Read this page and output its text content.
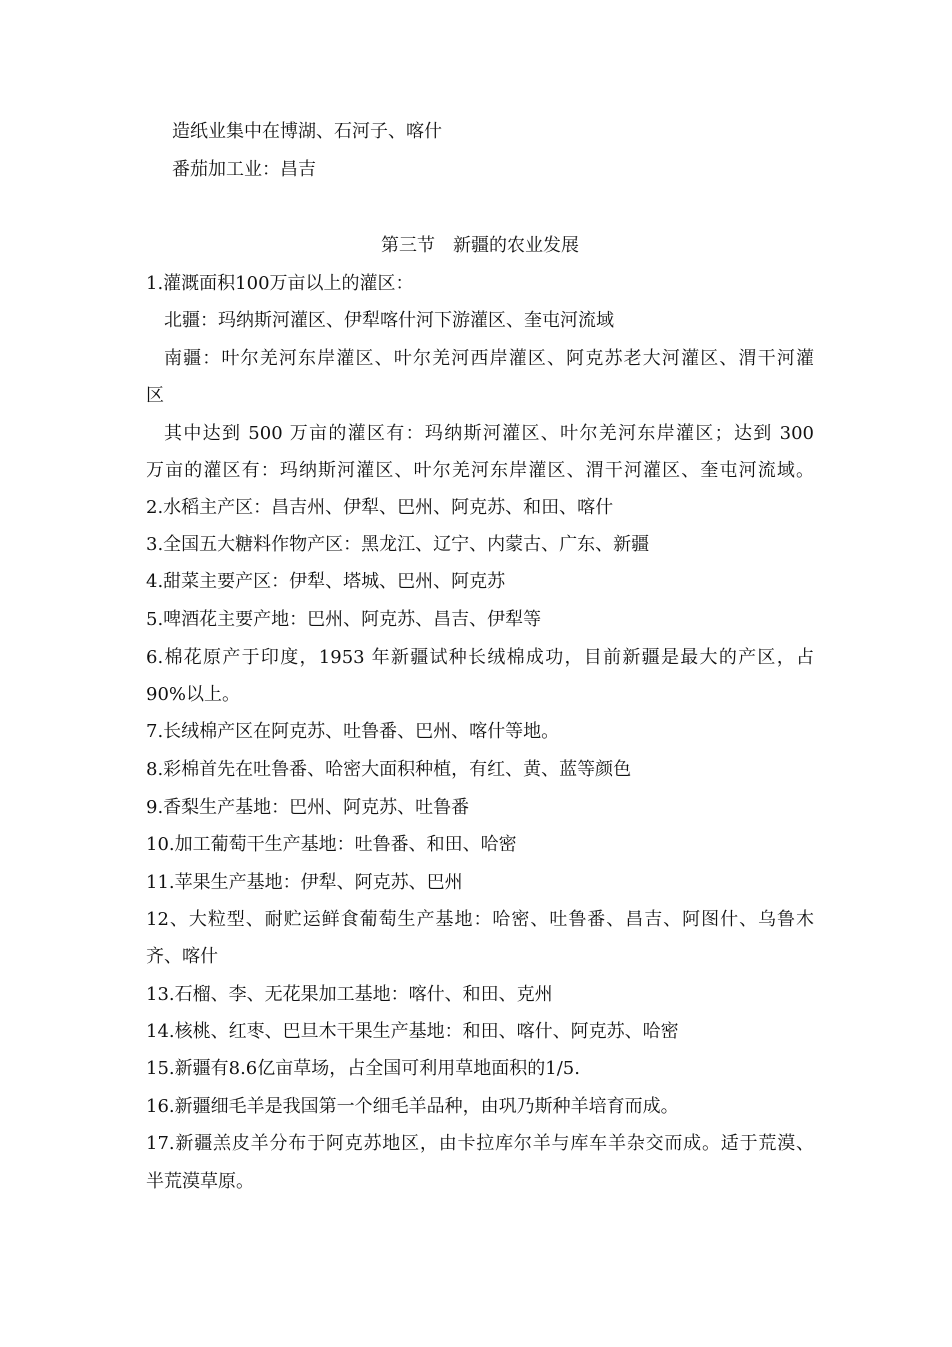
造纸业集中在博湖、石河子、喀什
番茄加工业：昌吉
第三节　新疆的农业发展
1.灌溉面积100万亩以上的灌区：
北疆：玛纳斯河灌区、伊犁喀什河下游灌区、奎屯河流域
南疆：叶尔羌河东岸灌区、叶尔羌河西岸灌区、阿克苏老大河灌区、渭干河灌
区
其中达到 500 万亩的灌区有：玛纳斯河灌区、叶尔羌河东岸灌区；达到 300
万亩的灌区有：玛纳斯河灌区、叶尔羌河东岸灌区、渭干河灌区、奎屯河流域。
2.水稻主产区：昌吉州、伊犁、巴州、阿克苏、和田、喀什
3.全国五大糖料作物产区：黑龙江、辽宁、内蒙古、广东、新疆
4.甜菜主要产区：伊犁、塔城、巴州、阿克苏
5.啤酒花主要产地：巴州、阿克苏、昌吉、伊犁等
6.棉花原产于印度，1953 年新疆试种长绒棉成功，目前新疆是最大的产区，占
90%以上。
7.长绒棉产区在阿克苏、吐鲁番、巴州、喀什等地。
8.彩棉首先在吐鲁番、哈密大面积种植，有红、黄、蓝等颜色
9.香梨生产基地：巴州、阿克苏、吐鲁番
10.加工葡萄干生产基地：吐鲁番、和田、哈密
11.苹果生产基地：伊犁、阿克苏、巴州
12、大粒型、耐贮运鲜食葡萄生产基地：哈密、吐鲁番、昌吉、阿图什、乌鲁木
齐、喀什
13.石榴、李、无花果加工基地：喀什、和田、克州
14.核桃、红枣、巴旦木干果生产基地：和田、喀什、阿克苏、哈密
15.新疆有8.6亿亩草场，占全国可利用草地面积的1/5.
16.新疆细毛羊是我国第一个细毛羊品种，由巩乃斯种羊培育而成。
17.新疆羔皮羊分布于阿克苏地区，由卡拉库尔羊与库车羊杂交而成。适于荒漠、
半荒漠草原。
